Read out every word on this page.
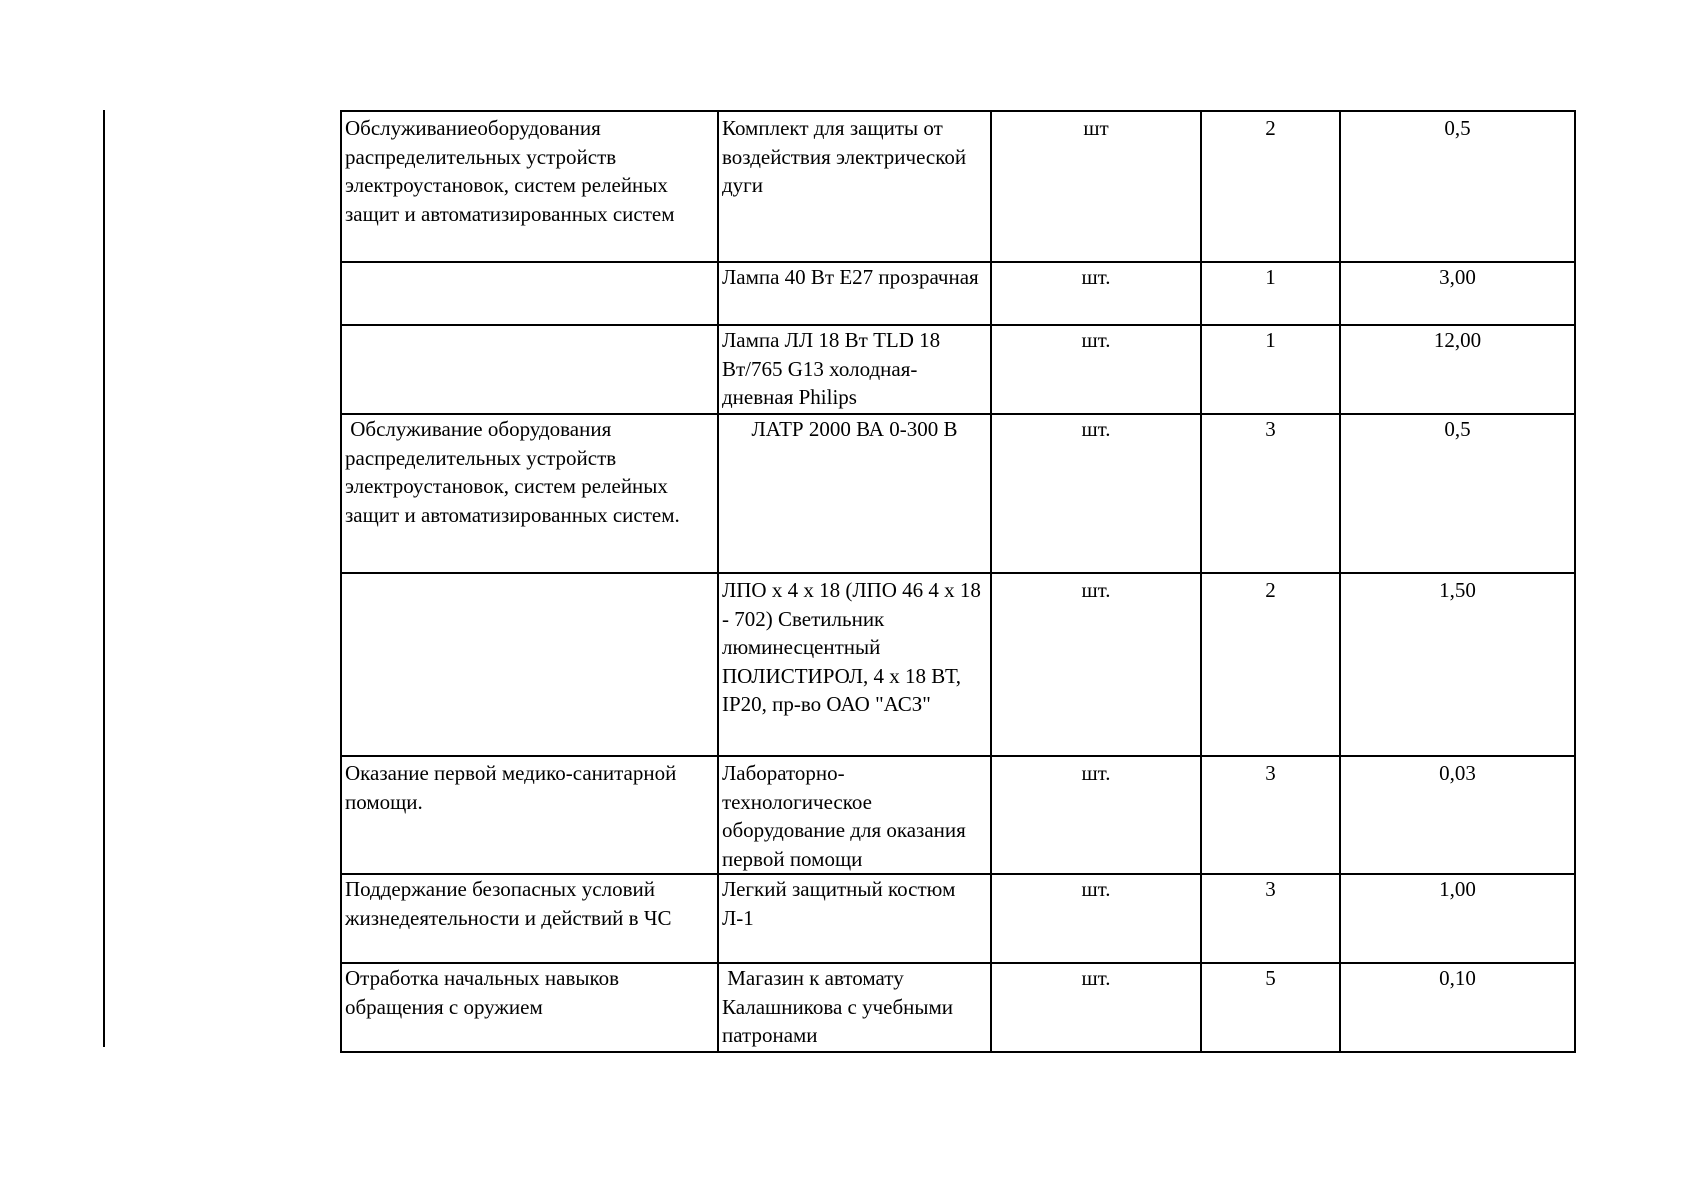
Обслуживаниеоборудования распределительных устройств электроустановок, систем релейных защит и автоматизированных систем	Комплект для защиты от воздействия электрической дуги	шт	2	0,5
	Лампа 40 Вт Е27 прозрачная	шт.	1	3,00
	Лампа ЛЛ 18 Вт TLD 18 Вт/765 G13 холодная-дневная Philips	шт.	1	12,00
Обслуживание оборудования распределительных устройств электроустановок, систем релейных защит и автоматизированных систем.	ЛАТР 2000 ВА 0-300 В	шт.	3	0,5
	ЛПО х 4 х 18 (ЛПО 46 4 х 18 - 702) Светильник люминесцентный ПОЛИСТИРОЛ, 4 х 18 ВТ, IP20, пр-во ОАО "АСЗ"	шт.	2	1,50
Оказание первой медико-санитарной помощи.	Лабораторно-технологическое оборудование для оказания первой помощи	шт.	3	0,03
Поддержание безопасных условий жизнедеятельности и действий в ЧС	Легкий защитный костюм Л-1	шт.	3	1,00
Отработка начальных навыков обращения с оружием	Магазин к автомату Калашникова с учебными патронами	шт.	5	0,10
